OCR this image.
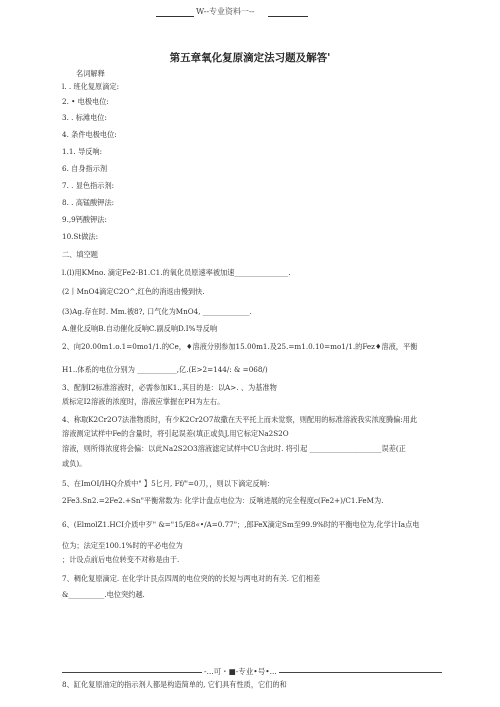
W--专业资料一--
第五章氧化复原滴定法习题及解答'
名词解释
l. . 班化复原滴定:
2. • 电极电位:
3. . 标滩电位:
4. 条件电极电位:
1.1. 导反响:
6. 自身指示剂
7. . 显色指示剂:
8. . 高锰酸钾法:
9.,9钙酸钾法:
10.St做法:
二、填空题
l.(l)用KMno. 滴定Fe2-B1.C1.的氧化员原速率被加速_______________.
(2丨MnO4滴定C2O^,红色的消返由慢到快.
(3)Ag.存在时. Mm.被8?, 口气化为MnO4, _____________.
A.催化反响B.自动催化反响C.副反响D.I%导反响
2、向20.00m1.o.1=0mo1/1.的Ce，♦溶液分别参加15.00m1.及25.=m1.0.10=mo1/1.的Fez♦溶液，平衡
H1..体系的电位分别为 ___________,亿.(E>2=144/: & =068/)
3、配制I2标准溶液时，必需参加K1.,其目的是：以A>. 、为基准物
质标定I2溶液的浓度时，溶液应掌握在PH为左右。
4、称取K2Cr2O7法准物质时，有少K2Cr2O7故撒在天平托上而未觉察，则配用的标准溶液我实浓度腾偏:用此
溶液测定试样中Fe的含量时，将引起误差(填正或负J,用它标定Na2S2O
溶液，则所得浓度将会偏：以此Na2S2O3溶液滤定试样中CU含此时. 将引起 ____________________误差(正
或负)。
5、在ImOI/IHQ介质中" 】5匕月, Ff/"=0刀，，则以下滴定反响：
2Fe3.Sn2.=2Fe2.+Sn"平衡常数为: 化学计盘点电位为：反响进展的完全程度c(Fe2+)/C1.FeM为.
6、(ElmolZ1.HCI介质中歹" &="15/E8«•/A=0.77"；,郎FeX滴定Sm至99.9%时的平衡电位为,化学计Ia点电
位为；法定至100.1%时的平必电位为
；计设点前后电位转变不对称是由于.
7、稠化复原滴定. 在化学计艮点四周的电位突的的长短与两电对的有关. 它们相差
&__________.电位突约越.
8、缸化复原油定的指示剂人都是构造简单的, 它们具有性质，它们的和
-...可・■-专业•号•...
